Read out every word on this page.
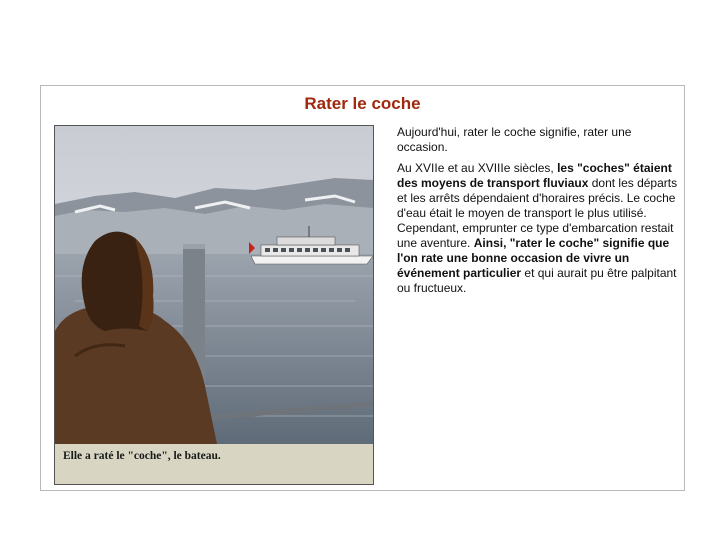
Rater le coche
Elle a raté le "coche", le bateau.

Aujourd'hui, rater le coche signifie, rater une occasion.

Au XVIIe et au XVIIIe siècles, les "coches" étaient des moyens de transport fluviaux dont les départs et les arrêts dépendaient d'horaires précis. Le coche d'eau était le moyen de transport le plus utilisé. Cependant, emprunter ce type d'embarcation restait une aventure. Ainsi, "rater le coche" signifie que l'on rate une bonne occasion de vivre un événement particulier et qui aurait pu être palpitant ou fructueux.
